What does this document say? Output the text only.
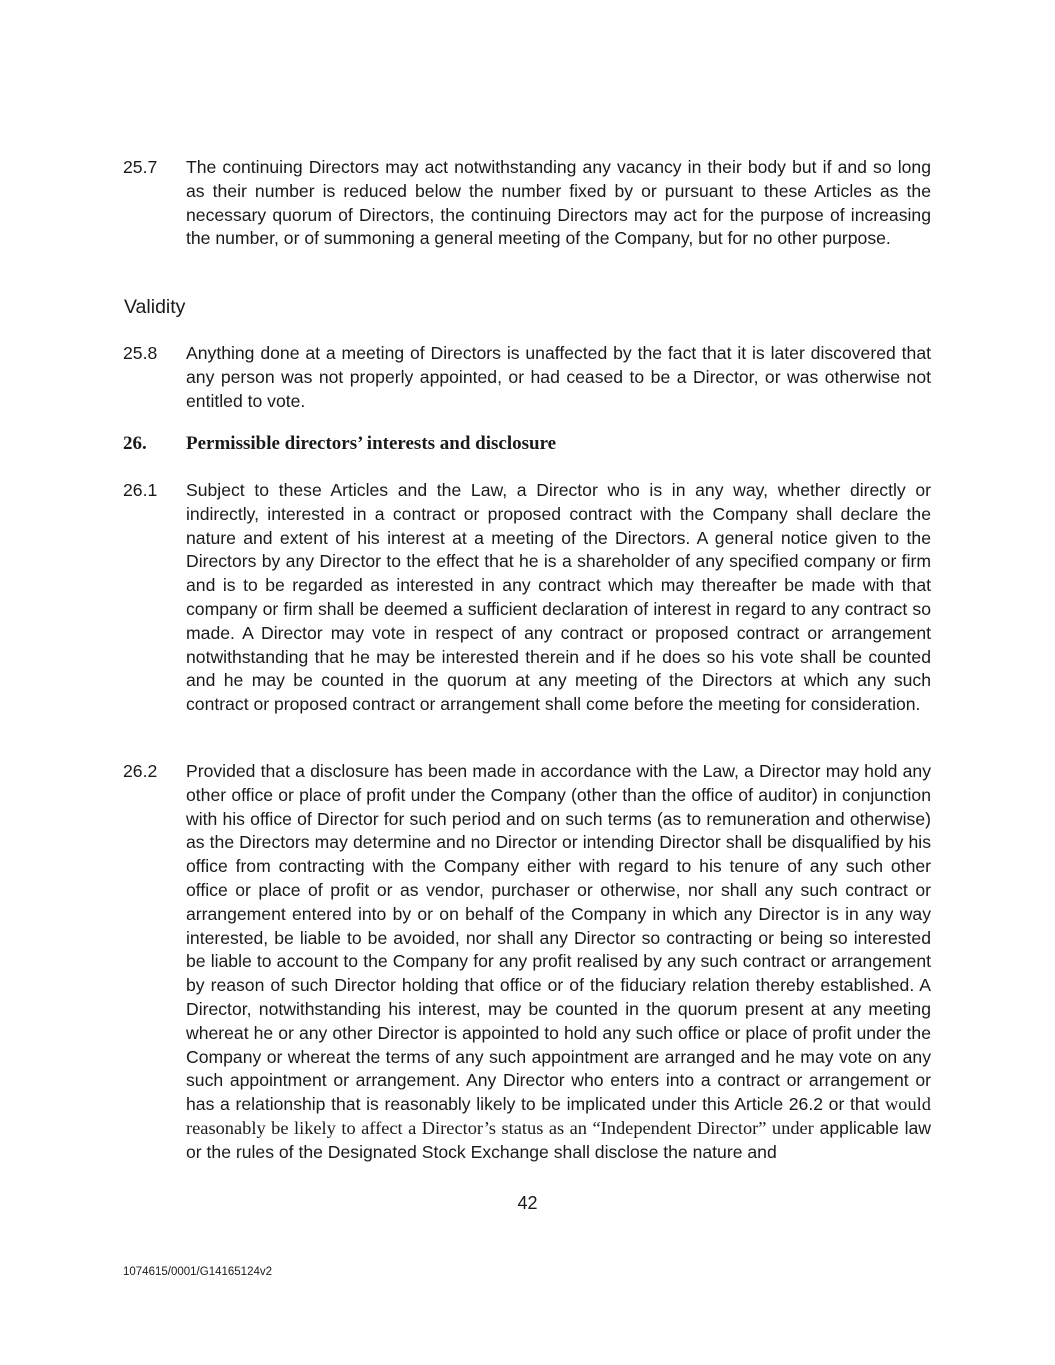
25.7	The continuing Directors may act notwithstanding any vacancy in their body but if and so long as their number is reduced below the number fixed by or pursuant to these Articles as the necessary quorum of Directors, the continuing Directors may act for the purpose of increasing the number, or of summoning a general meeting of the Company, but for no other purpose.

Validity
25.8	Anything done at a meeting of Directors is unaffected by the fact that it is later discovered that any person was not properly appointed, or had ceased to be a Director, or was otherwise not entitled to vote.

26.	Permissible directors’ interests and disclosure
26.1	Subject to these Articles and the Law, a Director who is in any way, whether directly or indirectly, interested in a contract or proposed contract with the Company shall declare the nature and extent of his interest at a meeting of the Directors. A general notice given to the Directors by any Director to the effect that he is a shareholder of any specified company or firm and is to be regarded as interested in any contract which may thereafter be made with that company or firm shall be deemed a sufficient declaration of interest in regard to any contract so made. A Director may vote in respect of any contract or proposed contract or arrangement notwithstanding that he may be interested therein and if he does so his vote shall be counted and he may be counted in the quorum at any meeting of the Directors at which any such contract or proposed contract or arrangement shall come before the meeting for consideration.

26.2	Provided that a disclosure has been made in accordance with the Law, a Director may hold any other office or place of profit under the Company (other than the office of auditor) in conjunction with his office of Director for such period and on such terms (as to remuneration and otherwise) as the Directors may determine and no Director or intending Director shall be disqualified by his office from contracting with the Company either with regard to his tenure of any such other office or place of profit or as vendor, purchaser or otherwise, nor shall any such contract or arrangement entered into by or on behalf of the Company in which any Director is in any way interested, be liable to be avoided, nor shall any Director so contracting or being so interested be liable to account to the Company for any profit realised by any such contract or arrangement by reason of such Director holding that office or of the fiduciary relation thereby established. A Director, notwithstanding his interest, may be counted in the quorum present at any meeting whereat he or any other Director is appointed to hold any such office or place of profit under the Company or whereat the terms of any such appointment are arranged and he may vote on any such appointment or arrangement. Any Director who enters into a contract or arrangement or has a relationship that is reasonably likely to be implicated under this Article 26.2 or that would reasonably be likely to affect a Director’s status as an “Independent Director” under applicable law or the rules of the Designated Stock Exchange shall disclose the nature and

42
1074615/0001/G14165124v2
